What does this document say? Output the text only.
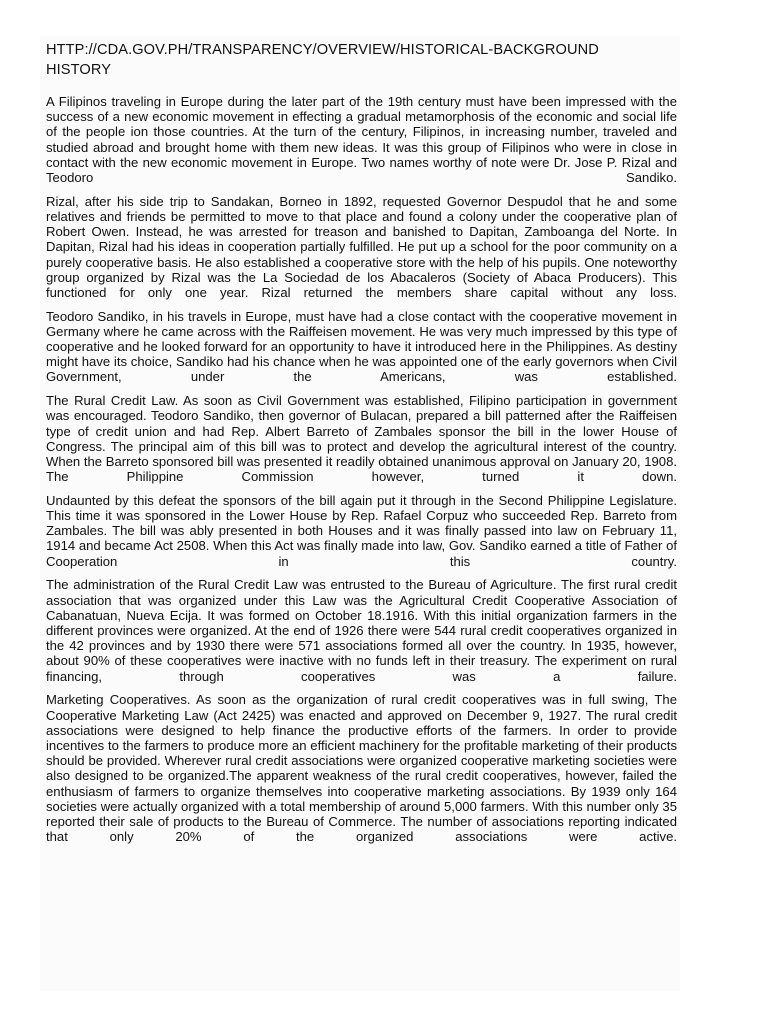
HTTP://CDA.GOV.PH/TRANSPARENCY/OVERVIEW/HISTORICAL-BACKGROUND
HISTORY

A Filipinos traveling in Europe during the later part of the 19th century must have been impressed with the success of a new economic movement in effecting a gradual metamorphosis of the economic and social life of the people ion those countries. At the turn of the century, Filipinos, in increasing number, traveled and studied abroad and brought home with them new ideas. It was this group of Filipinos who were in close in contact with the new economic movement in Europe. Two names worthy of note were Dr. Jose P. Rizal and Teodoro Sandiko.

Rizal, after his side trip to Sandakan, Borneo in 1892, requested Governor Despudol that he and some relatives and friends be permitted to move to that place and found a colony under the cooperative plan of Robert Owen. Instead, he was arrested for treason and banished to Dapitan, Zamboanga del Norte. In Dapitan, Rizal had his ideas in cooperation partially fulfilled. He put up a school for the poor community on a purely cooperative basis. He also established a cooperative store with the help of his pupils. One noteworthy group organized by Rizal was the La Sociedad de los Abacaleros (Society of Abaca Producers). This functioned for only one year. Rizal returned the members share capital without any loss.

Teodoro Sandiko, in his travels in Europe, must have had a close contact with the cooperative movement in Germany where he came across with the Raiffeisen movement. He was very much impressed by this type of cooperative and he looked forward for an opportunity to have it introduced here in the Philippines. As destiny might have its choice, Sandiko had his chance when he was appointed one of the early governors when Civil Government, under the Americans, was established.

The Rural Credit Law. As soon as Civil Government was established, Filipino participation in government was encouraged. Teodoro Sandiko, then governor of Bulacan, prepared a bill patterned after the Raiffeisen type of credit union and had Rep. Albert Barreto of Zambales sponsor the bill in the lower House of Congress. The principal aim of this bill was to protect and develop the agricultural interest of the country. When the Barreto sponsored bill was presented it readily obtained unanimous approval on January 20, 1908. The Philippine Commission however, turned it down.

Undaunted by this defeat the sponsors of the bill again put it through in the Second Philippine Legislature. This time it was sponsored in the Lower House by Rep. Rafael Corpuz who succeeded Rep. Barreto from Zambales. The bill was ably presented in both Houses and it was finally passed into law on February 11, 1914 and became Act 2508. When this Act was finally made into law, Gov. Sandiko earned a title of Father of Cooperation in this country.

The administration of the Rural Credit Law was entrusted to the Bureau of Agriculture. The first rural credit association that was organized under this Law was the Agricultural Credit Cooperative Association of Cabanatuan, Nueva Ecija. It was formed on October 18.1916. With this initial organization farmers in the different provinces were organized. At the end of 1926 there were 544 rural credit cooperatives organized in the 42 provinces and by 1930 there were 571 associations formed all over the country. In 1935, however, about 90% of these cooperatives were inactive with no funds left in their treasury. The experiment on rural financing, through cooperatives was a failure.

Marketing Cooperatives. As soon as the organization of rural credit cooperatives was in full swing, The Cooperative Marketing Law (Act 2425) was enacted and approved on December 9, 1927. The rural credit associations were designed to help finance the productive efforts of the farmers. In order to provide incentives to the farmers to produce more an efficient machinery for the profitable marketing of their products should be provided. Wherever rural credit associations were organized cooperative marketing societies were also designed to be organized.The apparent weakness of the rural credit cooperatives, however, failed the enthusiasm of farmers to organize themselves into cooperative marketing associations. By 1939 only 164 societies were actually organized with a total membership of around 5,000 farmers. With this number only 35 reported their sale of products to the Bureau of Commerce. The number of associations reporting indicated that only 20% of the organized associations were active.
